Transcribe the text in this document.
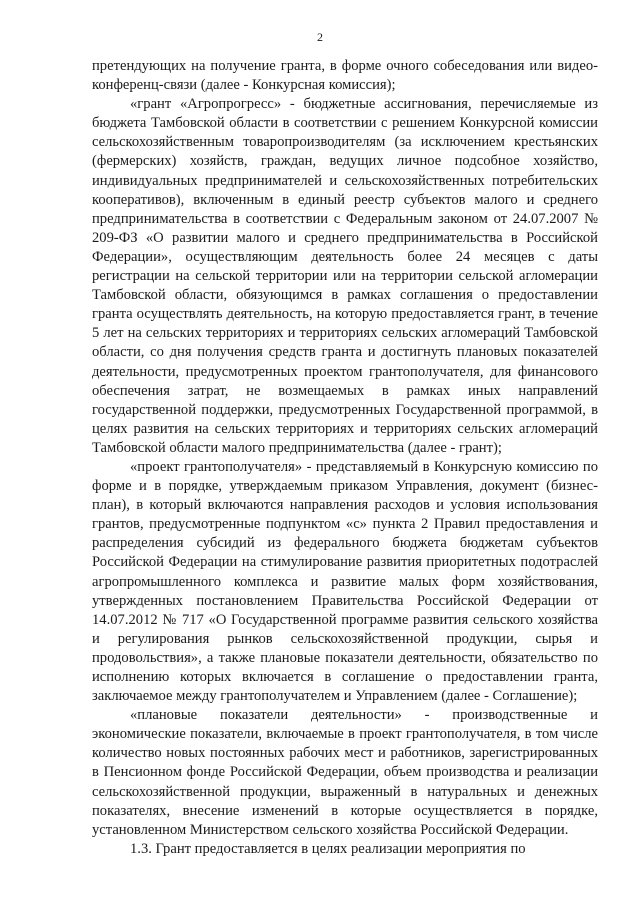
2

претендующих на получение гранта, в форме очного собеседования или видео-конференц-связи (далее - Конкурсная комиссия);

«грант «Агропрогресс» - бюджетные ассигнования, перечисляемые из бюджета Тамбовской области в соответствии с решением Конкурсной комиссии сельскохозяйственным товаропроизводителям (за исключением крестьянских (фермерских) хозяйств, граждан, ведущих личное подсобное хозяйство, индивидуальных предпринимателей и сельскохозяйственных потребительских кооперативов), включенным в единый реестр субъектов малого и среднего предпринимательства в соответствии с Федеральным законом от 24.07.2007 № 209-ФЗ «О развитии малого и среднего предпринимательства в Российской Федерации», осуществляющим деятельность более 24 месяцев с даты регистрации на сельской территории или на территории сельской агломерации Тамбовской области, обязующимся в рамках соглашения о предоставлении гранта осуществлять деятельность, на которую предоставляется грант, в течение 5 лет на сельских территориях и территориях сельских агломераций Тамбовской области, со дня получения средств гранта и достигнуть плановых показателей деятельности, предусмотренных проектом грантополучателя, для финансового обеспечения затрат, не возмещаемых в рамках иных направлений государственной поддержки, предусмотренных Государственной программой, в целях развития на сельских территориях и территориях сельских агломераций Тамбовской области малого предпринимательства (далее - грант);

«проект грантополучателя» - представляемый в Конкурсную комиссию по форме и в порядке, утверждаемым приказом Управления, документ (бизнес-план), в который включаются направления расходов и условия использования грантов, предусмотренные подпунктом «с» пункта 2 Правил предоставления и распределения субсидий из федерального бюджета бюджетам субъектов Российской Федерации на стимулирование развития приоритетных подотраслей агропромышленного комплекса и развитие малых форм хозяйствования, утвержденных постановлением Правительства Российской Федерации от 14.07.2012 № 717 «О Государственной программе развития сельского хозяйства и регулирования рынков сельскохозяйственной продукции, сырья и продовольствия», а также плановые показатели деятельности, обязательство по исполнению которых включается в соглашение о предоставлении гранта, заключаемое между грантополучателем и Управлением (далее - Соглашение);

«плановые показатели деятельности» - производственные и экономические показатели, включаемые в проект грантополучателя, в том числе количество новых постоянных рабочих мест и работников, зарегистрированных в Пенсионном фонде Российской Федерации, объем производства и реализации сельскохозяйственной продукции, выраженный в натуральных и денежных показателях, внесение изменений в которые осуществляется в порядке, установленном Министерством сельского хозяйства Российской Федерации.

1.3. Грант предоставляется в целях реализации мероприятия по
